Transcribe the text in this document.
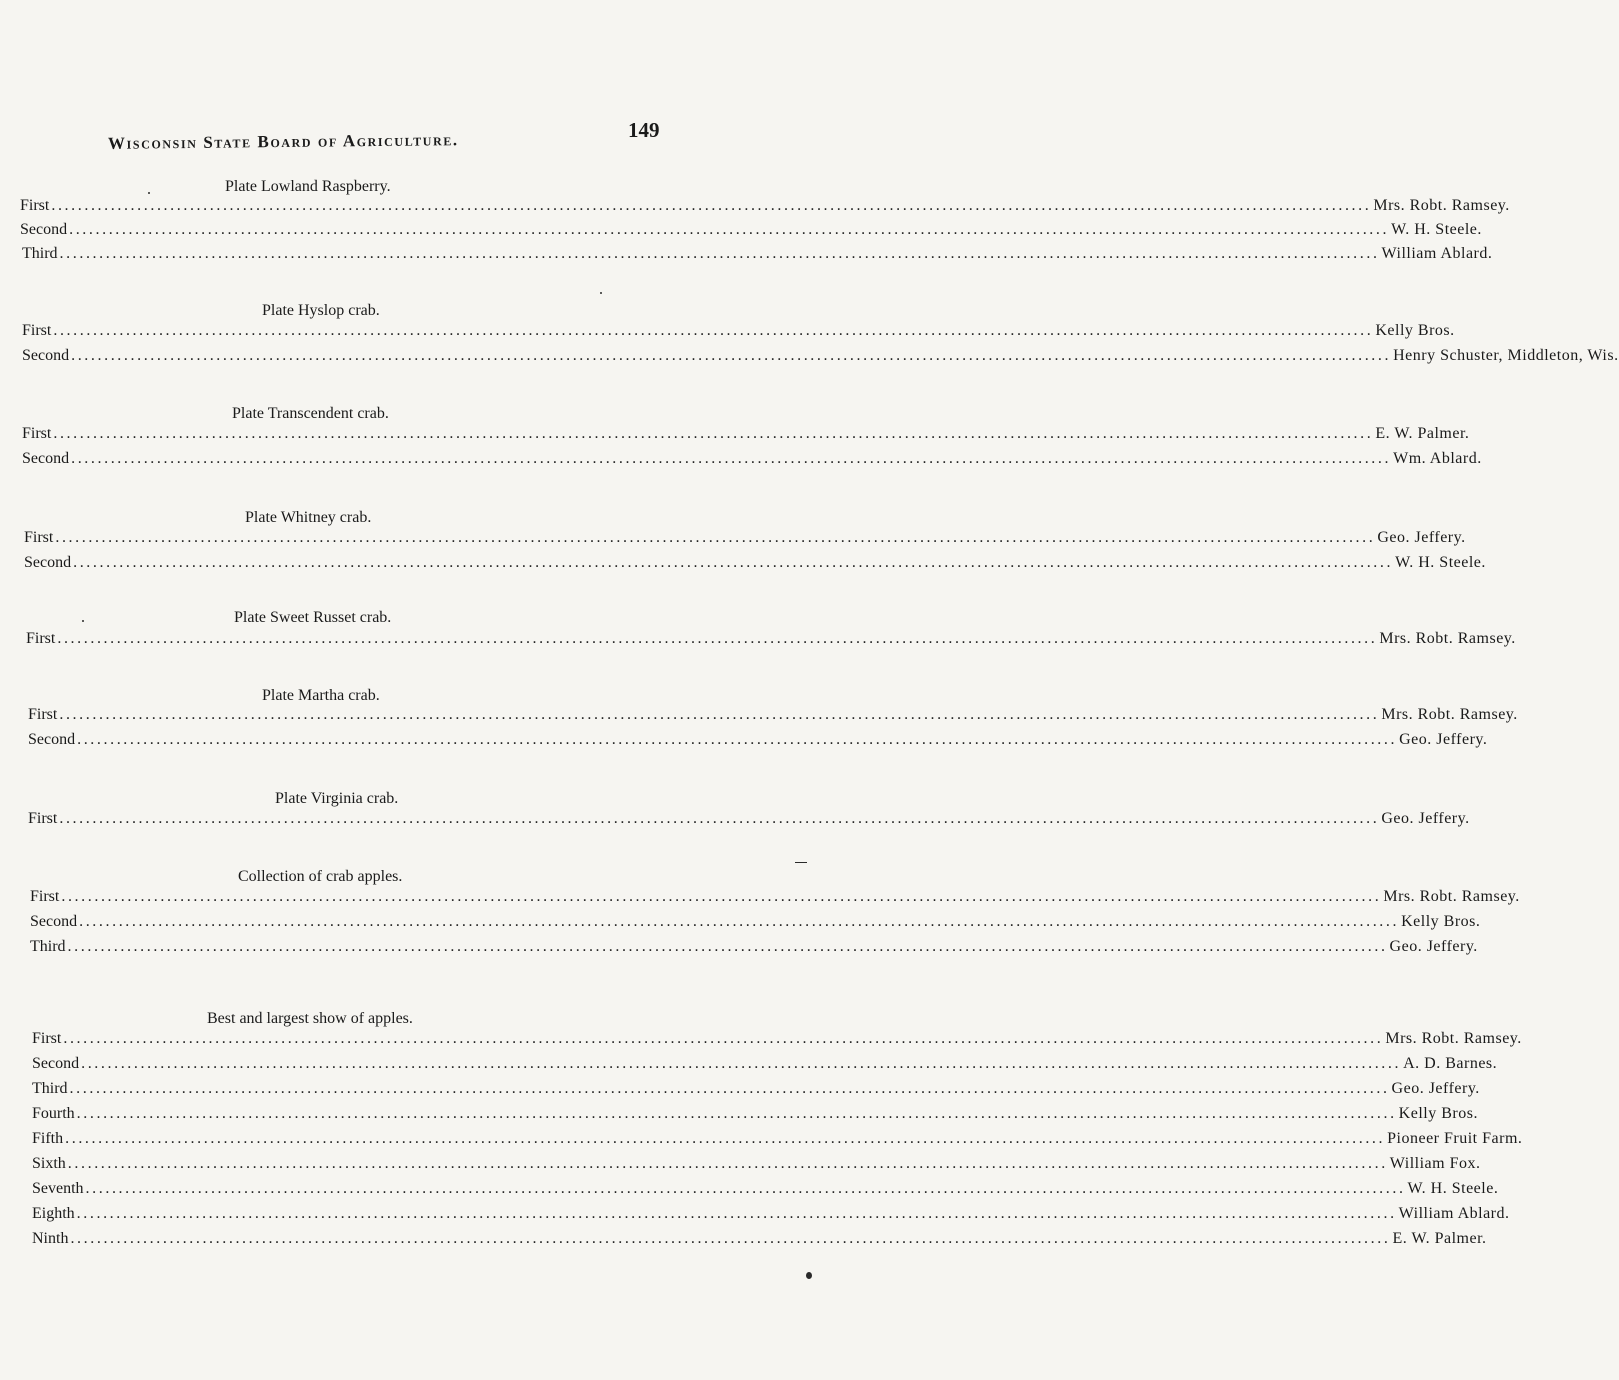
Wisconsin State Board of Agriculture.	149
Plate Lowland Raspberry.
First ........................................................................................................................................................................................................ Mrs. Robt. Ramsey.
Second ........................................................................................................................................................................................................ W. H. Steele.
Third ........................................................................................................................................................................................................ William Ablard.
Plate Hyslop crab.
First ........................................................................................................................................................................................................ Kelly Bros.
Second ........................................................................................................................................................................................................ Henry Schuster, Middleton, Wis.
Plate Transcendent crab.
First ........................................................................................................................................................................................................ E. W. Palmer.
Second ........................................................................................................................................................................................................ Wm. Ablard.
Plate Whitney crab.
First ........................................................................................................................................................................................................ Geo. Jeffery.
Second ........................................................................................................................................................................................................ W. H. Steele.
Plate Sweet Russet crab.
First ........................................................................................................................................................................................................ Mrs. Robt. Ramsey.
Plate Martha crab.
First ........................................................................................................................................................................................................ Mrs. Robt. Ramsey.
Second ........................................................................................................................................................................................................ Geo. Jeffery.
Plate Virginia crab.
First ........................................................................................................................................................................................................ Geo. Jeffery.
Collection of crab apples.
First ........................................................................................................................................................................................................ Mrs. Robt. Ramsey.
Second ........................................................................................................................................................................................................ Kelly Bros.
Third ........................................................................................................................................................................................................ Geo. Jeffery.
Best and largest show of apples.
First ........................................................................................................................................................................................................ Mrs. Robt. Ramsey.
Second ........................................................................................................................................................................................................ A. D. Barnes.
Third ........................................................................................................................................................................................................ Geo. Jeffery.
Fourth ........................................................................................................................................................................................................ Kelly Bros.
Fifth ........................................................................................................................................................................................................ Pioneer Fruit Farm.
Sixth ........................................................................................................................................................................................................ William Fox.
Seventh ........................................................................................................................................................................................................ W. H. Steele.
Eighth ........................................................................................................................................................................................................ William Ablard.
Ninth ........................................................................................................................................................................................................ E. W. Palmer.
